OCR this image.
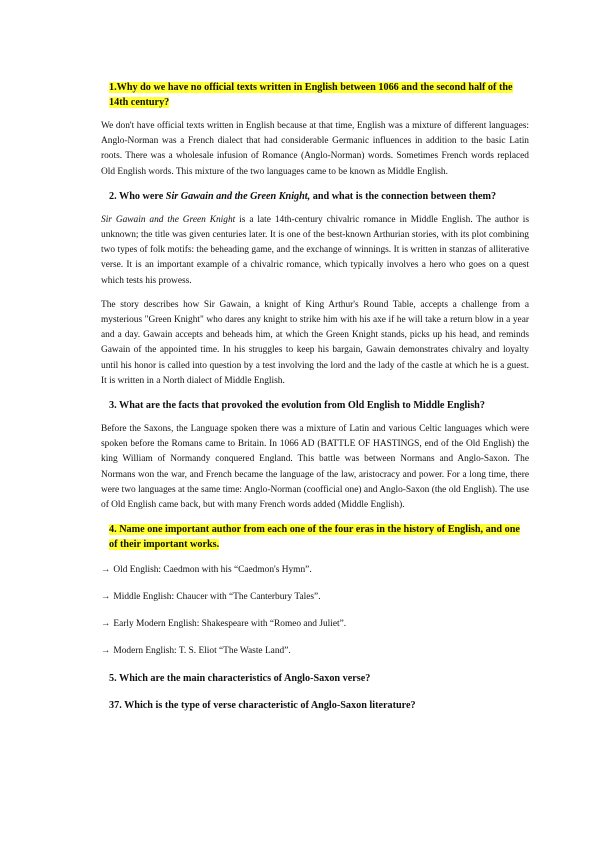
1.Why do we have no official texts written in English between 1066 and the second half of the 14th century?

We don't have official texts written in English because at that time, English was a mixture of different languages: Anglo-Norman was a French dialect that had considerable Germanic influences in addition to the basic Latin roots. There was a wholesale infusion of Romance (Anglo-Norman) words. Sometimes French words replaced Old English words. This mixture of the two languages came to be known as Middle English.

2. Who were Sir Gawain and the Green Knight, and what is the connection between them?

Sir Gawain and the Green Knight is a late 14th-century chivalric romance in Middle English. The author is unknown; the title was given centuries later. It is one of the best-known Arthurian stories, with its plot combining two types of folk motifs: the beheading game, and the exchange of winnings. It is written in stanzas of alliterative verse. It is an important example of a chivalric romance, which typically involves a hero who goes on a quest which tests his prowess.

The story describes how Sir Gawain, a knight of King Arthur's Round Table, accepts a challenge from a mysterious "Green Knight" who dares any knight to strike him with his axe if he will take a return blow in a year and a day. Gawain accepts and beheads him, at which the Green Knight stands, picks up his head, and reminds Gawain of the appointed time. In his struggles to keep his bargain, Gawain demonstrates chivalry and loyalty until his honor is called into question by a test involving the lord and the lady of the castle at which he is a guest. It is written in a North dialect of Middle English.

3. What are the facts that provoked the evolution from Old English to Middle English?

Before the Saxons, the Language spoken there was a mixture of Latin and various Celtic languages which were spoken before the Romans came to Britain. In 1066 AD (BATTLE OF HASTINGS, end of the Old English) the king William of Normandy conquered England. This battle was between Normans and Anglo-Saxon. The Normans won the war, and French became the language of the law, aristocracy and power. For a long time, there were two languages at the same time: Anglo-Norman (coofficial one) and Anglo-Saxon (the old English). The use of Old English came back, but with many French words added (Middle English).

4. Name one important author from each one of the four eras in the history of English, and one of their important works.

→ Old English: Caedmon with his “Caedmon's Hymn”.

→ Middle English: Chaucer with “The Canterbury Tales”.

→ Early Modern English: Shakespeare with “Romeo and Juliet”.

→ Modern English: T. S. Eliot “The Waste Land”.

5. Which are the main characteristics of Anglo-Saxon verse?

37. Which is the type of verse characteristic of Anglo-Saxon literature?
